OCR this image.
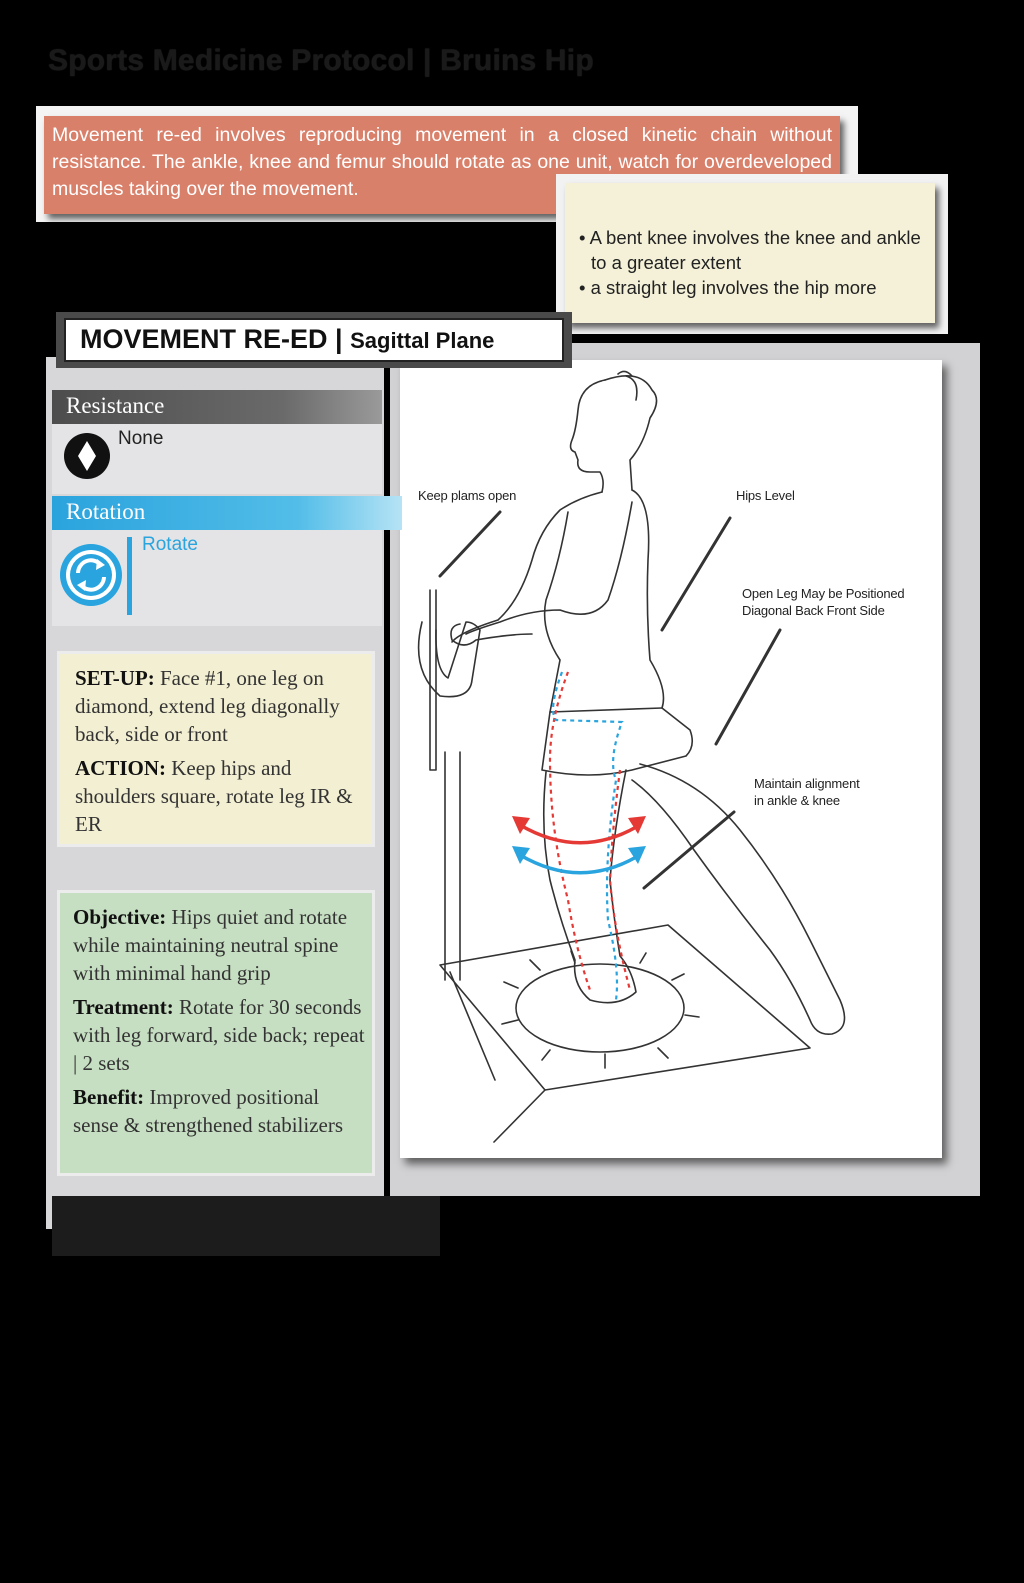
Sports Medicine Protocol | Bruins Hip
Movement re-ed involves reproducing movement in a closed kinetic chain without resistance. The ankle, knee and femur should rotate as one unit, watch for overdeveloped muscles taking over the movement.
• A bent knee involves the knee and ankle to a greater extent
• a straight leg involves the hip more
Keep plams open	Hips Level
Open Leg May be Positioned
Diagonal Back Front Side
Maintain alignment
in ankle & knee
MOVEMENT RE-ED | Sagittal Plane
Resistance
None
Rotation
Rotate

SET-UP: Face #1, one leg on diamond, extend leg diagonally back, side or front

ACTION: Keep hips and shoulders square, rotate leg IR & ER

Objective: Hips quiet and rotate while maintaining neutral spine with minimal hand grip

Treatment: Rotate for 30 seconds with leg forward, side back; repeat | 2 sets

Benefit: Improved positional sense & strengthened stabilizers
